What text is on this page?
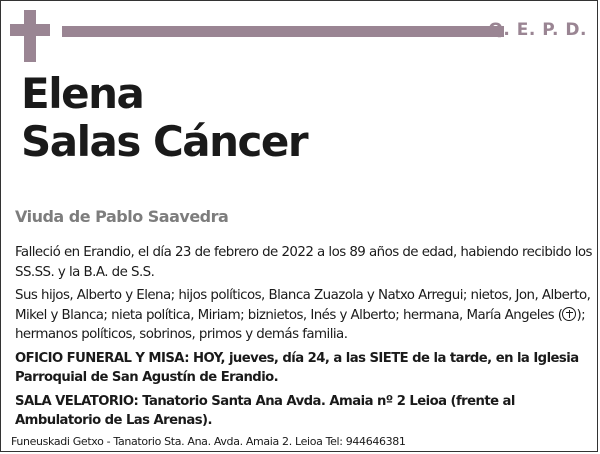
Q. E. P. D.
Elena
Salas Cáncer
Viuda de Pablo Saavedra

Falleció en Erandio, el día 23 de febrero de 2022 a los 89 años de edad, habiendo recibido los SS.SS. y la B.A. de S.S.

Sus hijos, Alberto y Elena; hijos políticos, Blanca Zuazola y Natxo Arregui; nietos, Jon, Alberto, Mikel y Blanca; nieta política, Miriam; biznietos, Inés y Alberto; hermana, María Angeles ( ); hermanos políticos, sobrinos, primos y demás familia.

OFICIO FUNERAL Y MISA: HOY, jueves, día 24, a las SIETE de la tarde, en la Iglesia Parroquial de San Agustín de Erandio.

SALA VELATORIO: Tanatorio Santa Ana Avda. Amaia nº 2 Leioa (frente al Ambulatorio de Las Arenas).

Funeuskadi Getxo - Tanatorio Sta. Ana. Avda. Amaia 2. Leioa Tel: 944646381
